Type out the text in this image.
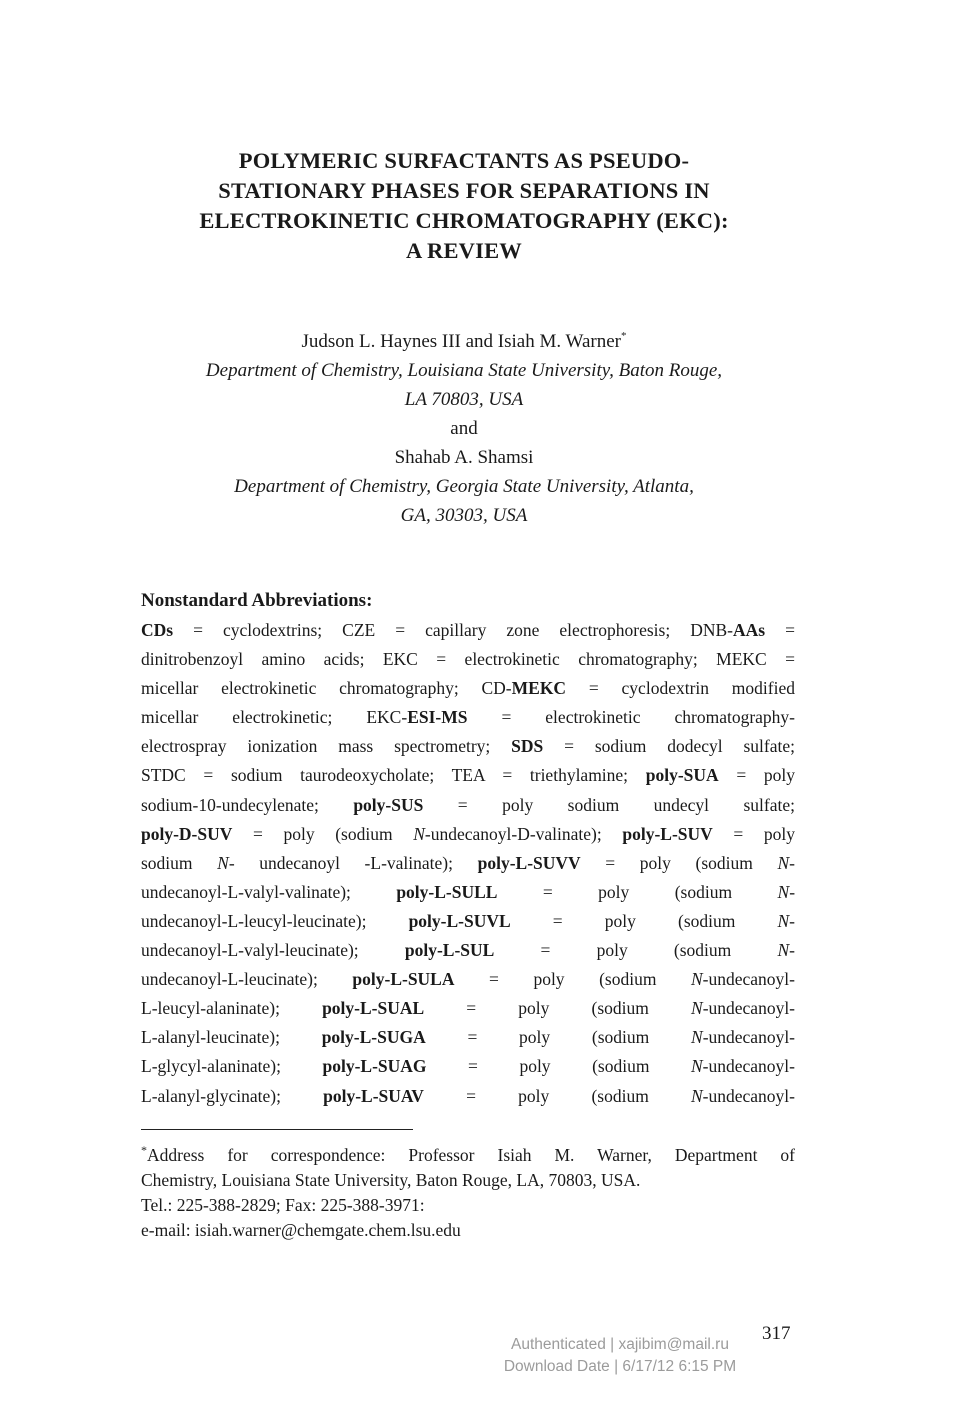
POLYMERIC SURFACTANTS AS PSEUDO-
STATIONARY PHASES FOR SEPARATIONS IN
ELECTROKINETIC CHROMATOGRAPHY (EKC):
A REVIEW
Judson L. Haynes III and Isiah M. Warner*
Department of Chemistry, Louisiana State University, Baton Rouge,
LA 70803, USA
and
Shahab A. Shamsi
Department of Chemistry, Georgia State University, Atlanta,
GA, 30303, USA
Nonstandard Abbreviations:
CDs = cyclodextrins; CZE = capillary zone electrophoresis; DNB-AAs =
dinitrobenzoyl amino acids; EKC = electrokinetic chromatography; MEKC =
micellar electrokinetic chromatography; CD-MEKC = cyclodextrin modified
micellar electrokinetic; EKC-ESI-MS = electrokinetic chromatography-
electrospray ionization mass spectrometry; SDS = sodium dodecyl sulfate;
STDC = sodium taurodeoxycholate; TEA = triethylamine; poly-SUA = poly
sodium-10-undecylenate; poly-SUS = poly sodium undecyl sulfate;
poly-D-SUV = poly (sodium N-undecanoyl-D-valinate); poly-L-SUV = poly
sodium N- undecanoyl -L-valinate); poly-L-SUVV = poly (sodium N-
undecanoyl-L-valyl-valinate); poly-L-SULL = poly (sodium N-
undecanoyl-L-leucyl-leucinate); poly-L-SUVL = poly (sodium N-
undecanoyl-L-valyl-leucinate); poly-L-SUL = poly (sodium N-
undecanoyl-L-leucinate); poly-L-SULA = poly (sodium N-undecanoyl-
L-leucyl-alaninate); poly-L-SUAL = poly (sodium N-undecanoyl-
L-alanyl-leucinate); poly-L-SUGA = poly (sodium N-undecanoyl-
L-glycyl-alaninate); poly-L-SUAG = poly (sodium N-undecanoyl-
L-alanyl-glycinate); poly-L-SUAV = poly (sodium N-undecanoyl-
*Address for correspondence: Professor Isiah M. Warner, Department of
Chemistry, Louisiana State University, Baton Rouge, LA, 70803, USA.
Tel.: 225-388-2829; Fax: 225-388-3971:
e-mail: isiah.warner@chemgate.chem.lsu.edu
317
Authenticated | xajibim@mail.ru
Download Date | 6/17/12 6:15 PM
